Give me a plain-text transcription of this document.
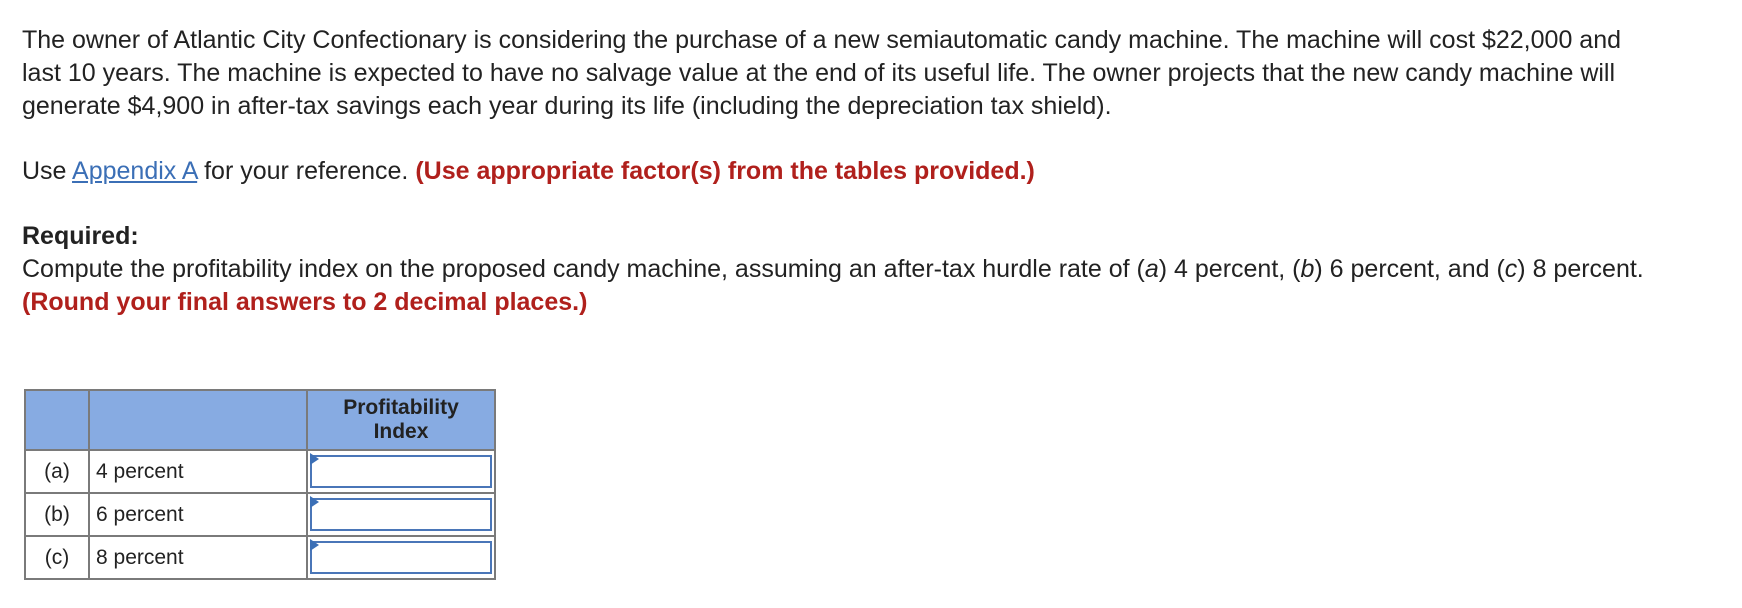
The owner of Atlantic City Confectionary is considering the purchase of a new semiautomatic candy machine. The machine will cost $22,000 and last 10 years. The machine is expected to have no salvage value at the end of its useful life. The owner projects that the new candy machine will generate $4,900 in after-tax savings each year during its life (including the depreciation tax shield).

Use Appendix A for your reference. (Use appropriate factor(s) from the tables provided.)

Required:

Compute the profitability index on the proposed candy machine, assuming an after-tax hurdle rate of (a) 4 percent, (b) 6 percent, and (c) 8 percent. (Round your final answers to 2 decimal places.)

		Profitability
Index

(a)	4 percent	

(b)	6 percent	

(c)	8 percent	
